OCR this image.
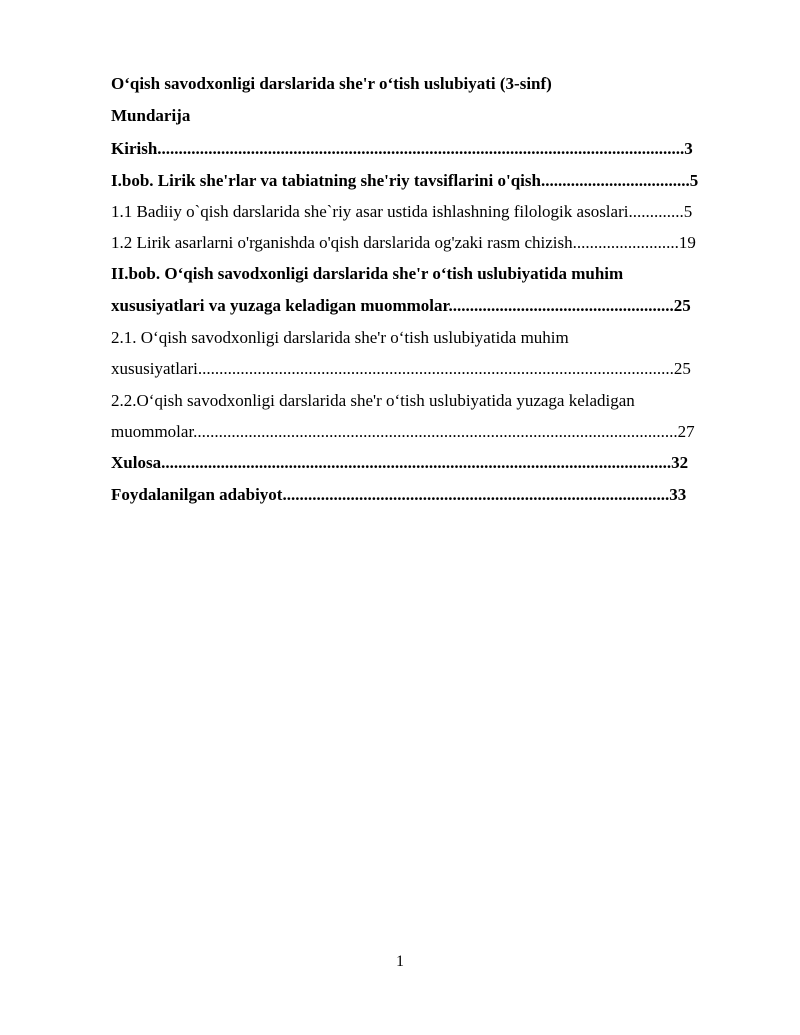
O‘qish savodxonligi darslarida she'r o‘tish uslubiyati (3-sinf)
Mundarija
Kirish............................................................................................................................3
I.bob. Lirik she'rlar va tabiatning she'riy tavsiflarini o'qish...................................5
1.1 Badiiy o`qish darslarida she`riy asar ustida ishlashning filologik asoslari.............5
1.2 Lirik asarlarni o'rganishda o'qish darslarida og'zaki rasm chizish.........................19
II.bob. O‘qish savodxonligi darslarida she'r o‘tish uslubiyatida muhim
xususiyatlari va yuzaga keladigan muommolar.....................................................25
2.1. O‘qish savodxonligi darslarida she'r o‘tish uslubiyatida muhim
xususiyatlari................................................................................................................25
2.2.O‘qish savodxonligi darslarida she'r o‘tish uslubiyatida yuzaga keladigan
muommolar..................................................................................................................27
Xulosa........................................................................................................................32
Foydalanilgan adabiyot...........................................................................................33
1
